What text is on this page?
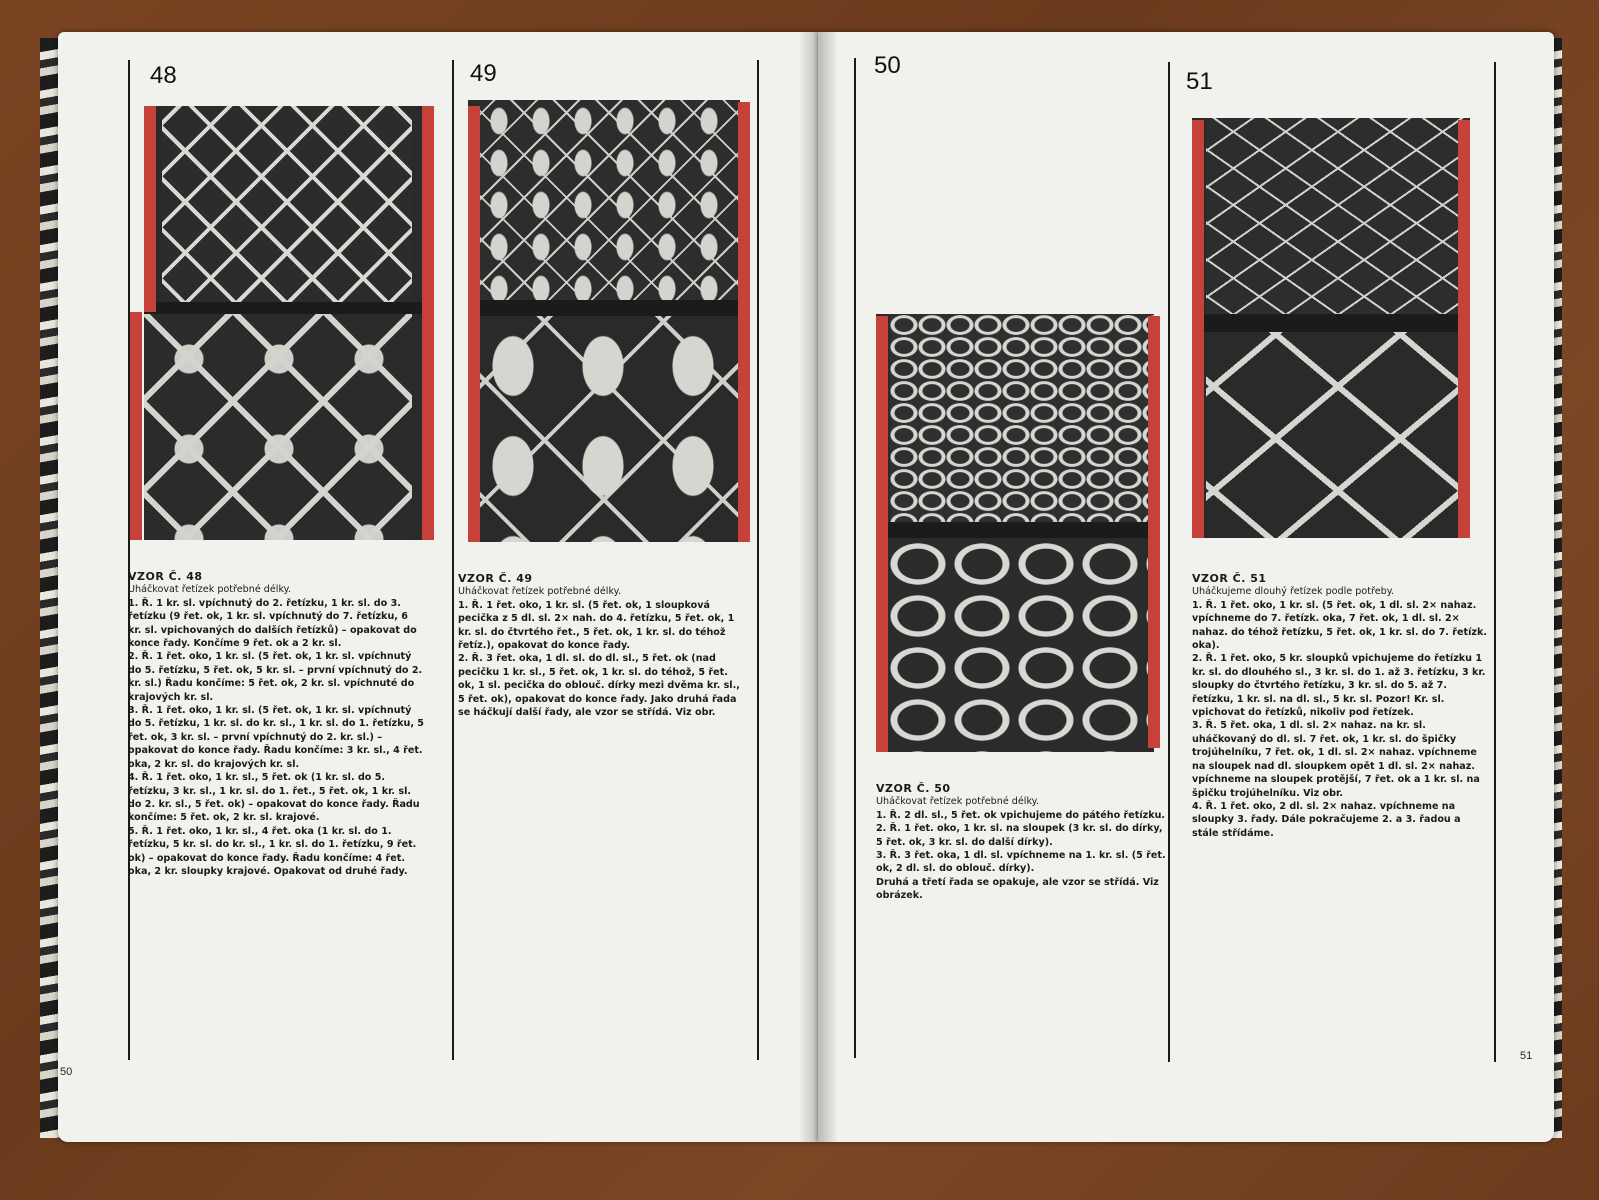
48	49	50
51

VZOR Č. 48

Uháčkovat řetízek potřebné délky.

1. Ř. 1 kr. sl. vpíchnutý do 2. řetízku, 1 kr. sl. do 3. řetízku (9 řet. ok, 1 kr. sl. vpíchnutý do 7. řetízku, 6 kr. sl. vpichovaných do dalších řetízků) – opakovat do konce řady. Končíme 9 řet. ok a 2 kr. sl.

2. Ř. 1 řet. oko, 1 kr. sl. (5 řet. ok, 1 kr. sl. vpíchnutý do 5. řetízku, 5 řet. ok, 5 kr. sl. – první vpíchnutý do 2. kr. sl.) Řadu končíme: 5 řet. ok, 2 kr. sl. vpíchnuté do krajových kr. sl.

3. Ř. 1 řet. oko, 1 kr. sl. (5 řet. ok, 1 kr. sl. vpíchnutý do 5. řetízku, 1 kr. sl. do kr. sl., 1 kr. sl. do 1. řetízku, 5 řet. ok, 3 kr. sl. – první vpíchnutý do 2. kr. sl.) – opakovat do konce řady. Řadu končíme: 3 kr. sl., 4 řet. oka, 2 kr. sl. do krajových kr. sl.

4. Ř. 1 řet. oko, 1 kr. sl., 5 řet. ok (1 kr. sl. do 5. řetízku, 3 kr. sl., 1 kr. sl. do 1. řet., 5 řet. ok, 1 kr. sl. do 2. kr. sl., 5 řet. ok) – opakovat do konce řady. Řadu končíme: 5 řet. ok, 2 kr. sl. krajové.

5. Ř. 1 řet. oko, 1 kr. sl., 4 řet. oka (1 kr. sl. do 1. řetízku, 5 kr. sl. do kr. sl., 1 kr. sl. do 1. řetízku, 9 řet. ok) – opakovat do konce řady. Řadu končíme: 4 řet. oka, 2 kr. sloupky krajové. Opakovat od druhé řady.

VZOR Č. 49

Uháčkovat řetízek potřebné délky.

1. Ř. 1 řet. oko, 1 kr. sl. (5 řet. ok, 1 sloupková pecička z 5 dl. sl. 2× nah. do 4. řetízku, 5 řet. ok, 1 kr. sl. do čtvrtého řet., 5 řet. ok, 1 kr. sl. do téhož řetíz.), opakovat do konce řady.

2. Ř. 3 řet. oka, 1 dl. sl. do dl. sl., 5 řet. ok (nad pecičku 1 kr. sl., 5 řet. ok, 1 kr. sl. do téhož, 5 řet. ok, 1 sl. pecička do oblouč. dírky mezi dvěma kr. sl., 5 řet. ok), opakovat do konce řady. Jako druhá řada se háčkují další řady, ale vzor se střídá. Viz obr.

VZOR Č. 50

Uháčkovat řetízek potřebné délky.

1. Ř. 2 dl. sl., 5 řet. ok vpichujeme do pátého řetízku.

2. Ř. 1 řet. oko, 1 kr. sl. na sloupek (3 kr. sl. do dírky, 5 řet. ok, 3 kr. sl. do další dírky).

3. Ř. 3 řet. oka, 1 dl. sl. vpíchneme na 1. kr. sl. (5 řet. ok, 2 dl. sl. do oblouč. dírky).

Druhá a třetí řada se opakuje, ale vzor se střídá. Viz obrázek.

VZOR Č. 51

Uháčkujeme dlouhý řetízek podle potřeby.

1. Ř. 1 řet. oko, 1 kr. sl. (5 řet. ok, 1 dl. sl. 2× nahaz. vpíchneme do 7. řetízk. oka, 7 řet. ok, 1 dl. sl. 2× nahaz. do téhož řetízku, 5 řet. ok, 1 kr. sl. do 7. řetízk. oka).

2. Ř. 1 řet. oko, 5 kr. sloupků vpichujeme do řetízku 1 kr. sl. do dlouhého sl., 3 kr. sl. do 1. až 3. řetízku, 3 kr. sloupky do čtvrtého řetízku, 3 kr. sl. do 5. až 7. řetízku, 1 kr. sl. na dl. sl., 5 kr. sl. Pozor! Kr. sl. vpichovat do řetízků, nikoliv pod řetízek.

3. Ř. 5 řet. oka, 1 dl. sl. 2× nahaz. na kr. sl. uháčkovaný do dl. sl. 7 řet. ok, 1 kr. sl. do špičky trojúhelníku, 7 řet. ok, 1 dl. sl. 2× nahaz. vpíchneme na sloupek nad dl. sloupkem opět 1 dl. sl. 2× nahaz. vpíchneme na sloupek protější, 7 řet. ok a 1 kr. sl. na špičku trojúhelníku. Viz obr.

4. Ř. 1 řet. oko, 2 dl. sl. 2× nahaz. vpíchneme na sloupky 3. řady. Dále pokračujeme 2. a 3. řadou a stále střídáme.

50
51
